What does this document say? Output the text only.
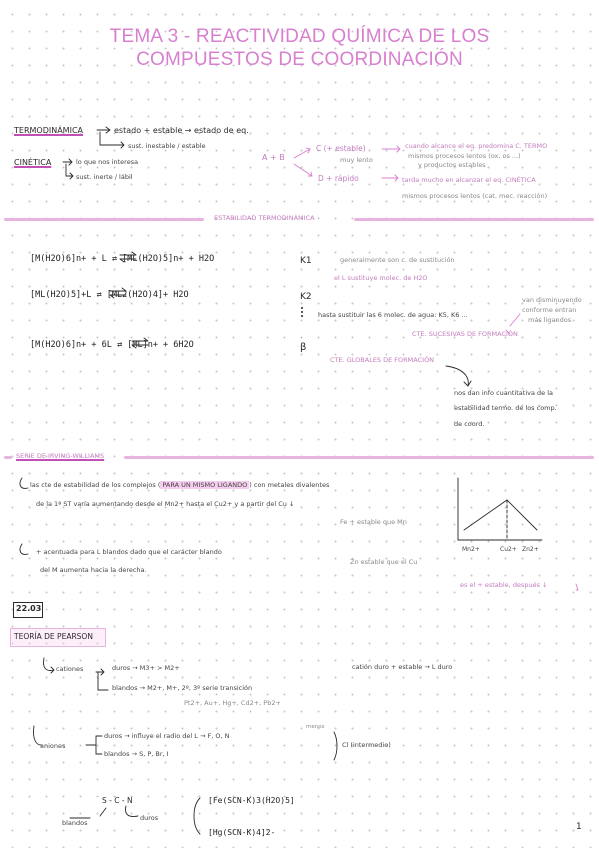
TEMA 3 - REACTIVIDAD QUÍMICA DE LOS
COMPUESTOS DE COORDINACIÓN
TERMODINÁMICA	estado + estable → estado de eq.
sust. inestable / estable
CINÉTICA	lo que nos interesa
sust. inerte / lábil
A + B
C (+ estable)
muy lento
D + rápido
cuando alcance el eq. predomina C. TERMO
mismos procesos lentos (ox, os ...)
y productos estables
tarda mucho en alcanzar el eq. CINÉTICA
mismos procesos lentos (cat. mec. reacción)
ESTABILIDAD TERMODINÁMICA
[M(H2O)6]n+ + L ⇄ [ML(H2O)5]n+ + H2O
[ML(H2O)5]+L ⇄ [ML2(H2O)4]+ H2O
[M(H2O)6]n+ + 6L ⇄ [ML]n+ + 6H2O
K1
K2
β
generalmente son c. de sustitución
el L sustituye molec. de H2O
hasta sustituir las 6 molec. de agua: K5, K6 ...
van disminuyendo
conforme entran
más ligandos
CTE. SUCESIVAS DE FORMACIÓN
CTE. GLOBALES DE FORMACIÓN
nos dan info cuantitativa de la
estabilidad termo. de los comp.
de coord.
SERIE DE IRVING-WILLIAMS
las cte de estabilidad de los complejos ( PARA UN MISMO LIGANDO ) con metales divalentes
de la 1ª ST varía aumentando desde el Mn2+ hasta el Cu2+ y a partir del Cu ↓
+ acentuada para L blandos dado que el carácter blando
del M aumenta hacia la derecha.
Fe + estable que Mn
Zn estable que el Cu
es el + estable, después ↓
Mn2+	Cu2+ Zn2+
22.03
TEORÍA DE PEARSON
cationes	duros → M3+ > M2+
blandos → M2+, M+, 2º, 3º serie transición
Pt2+, Au+, Hg+, Cd2+, Pb2+
catión duro + estable → L duro
aniones
duros → influye el radio del L → F, O, N
menos
blandos → S, P, Br, I
Cl (intermedio)
S - C - N
blandos
duros
[Fe(SCN-K)3(H2O)5]
[Hg(SCN-K)4]2-
1
